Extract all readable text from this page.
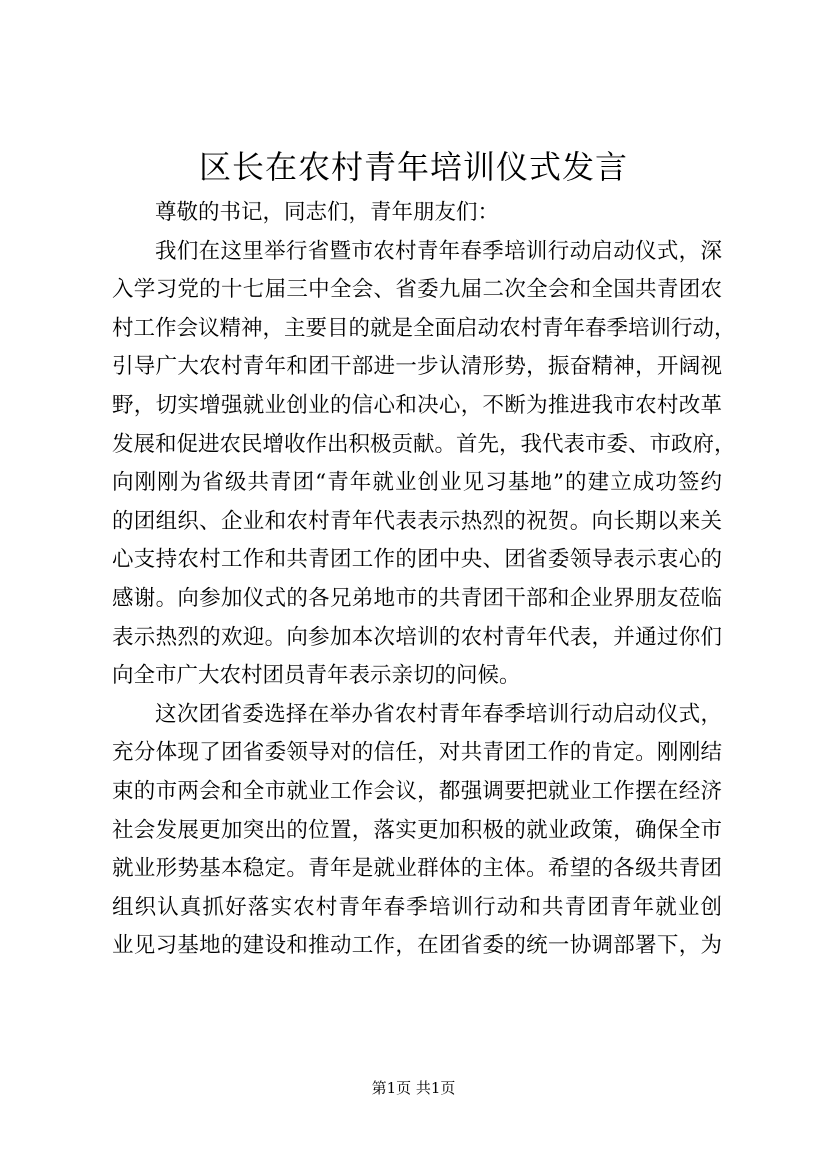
区长在农村青年培训仪式发言
尊敬的书记，同志们，青年朋友们：
我们在这里举行省暨市农村青年春季培训行动启动仪式，深
入学习党的十七届三中全会、省委九届二次全会和全国共青团农
村工作会议精神，主要目的就是全面启动农村青年春季培训行动，
引导广大农村青年和团干部进一步认清形势，振奋精神，开阔视
野，切实增强就业创业的信心和决心，不断为推进我市农村改革
发展和促进农民增收作出积极贡献。首先，我代表市委、市政府，
向刚刚为省级共青团“青年就业创业见习基地”的建立成功签约
的团组织、企业和农村青年代表表示热烈的祝贺。向长期以来关
心支持农村工作和共青团工作的团中央、团省委领导表示衷心的
感谢。向参加仪式的各兄弟地市的共青团干部和企业界朋友莅临
表示热烈的欢迎。向参加本次培训的农村青年代表，并通过你们
向全市广大农村团员青年表示亲切的问候。
这次团省委选择在举办省农村青年春季培训行动启动仪式，
充分体现了团省委领导对的信任，对共青团工作的肯定。刚刚结
束的市两会和全市就业工作会议，都强调要把就业工作摆在经济
社会发展更加突出的位置，落实更加积极的就业政策，确保全市
就业形势基本稳定。青年是就业群体的主体。希望的各级共青团
组织认真抓好落实农村青年春季培训行动和共青团青年就业创
业见习基地的建设和推动工作，在团省委的统一协调部署下，为
第1页 共1页
